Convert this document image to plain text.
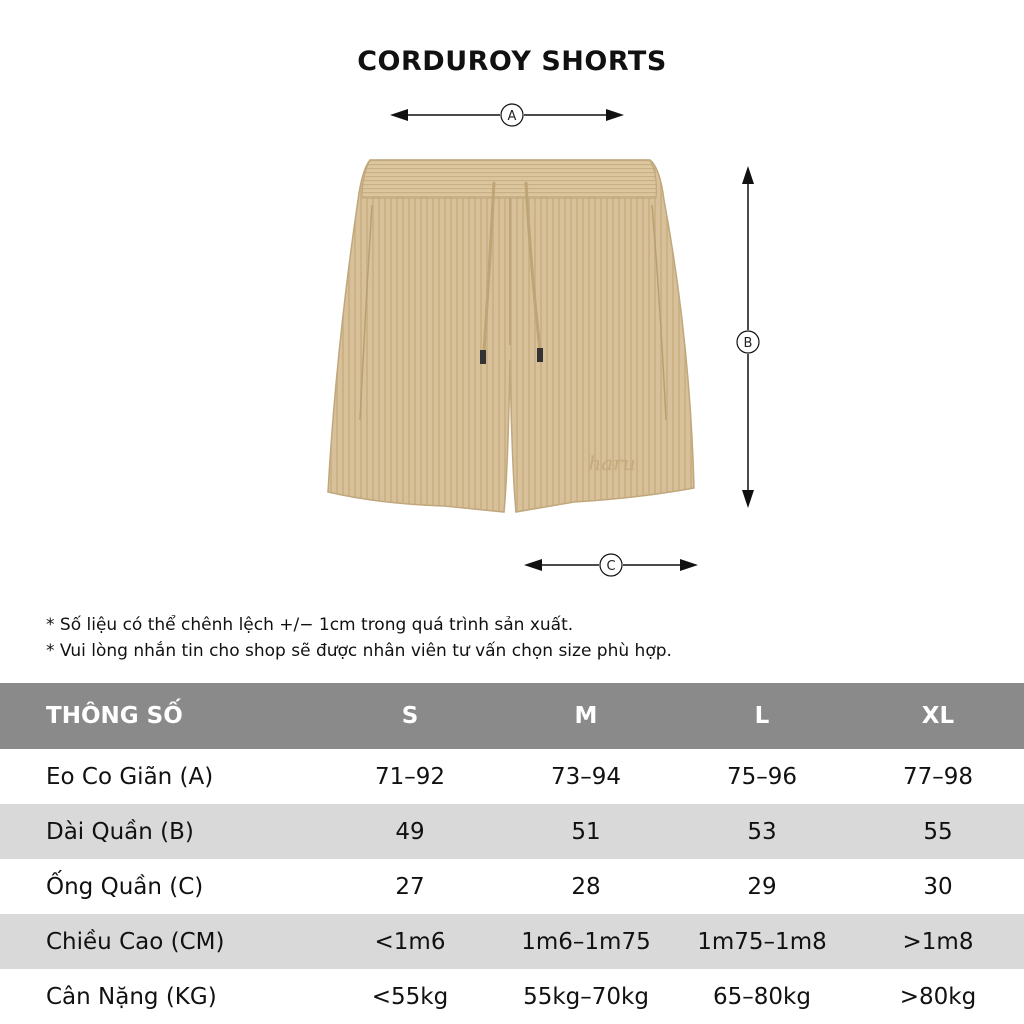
CORDUROY SHORTS
A
B
C
haru
* Số liệu có thể chênh lệch +/− 1cm trong quá trình sản xuất.
* Vui lòng nhắn tin cho shop sẽ được nhân viên tư vấn chọn size phù hợp.
THÔNG SỐ	S	M	L	XL
Eo Co Giãn (A)	71–92	73–94	75–96	77–98
Dài Quần (B)	49	51	53	55
Ống Quần (C)	27	28	29	30
Chiều Cao (CM)	<1m6	1m6–1m75	1m75–1m8	>1m8
Cân Nặng (KG)	<55kg	55kg–70kg	65–80kg	>80kg
